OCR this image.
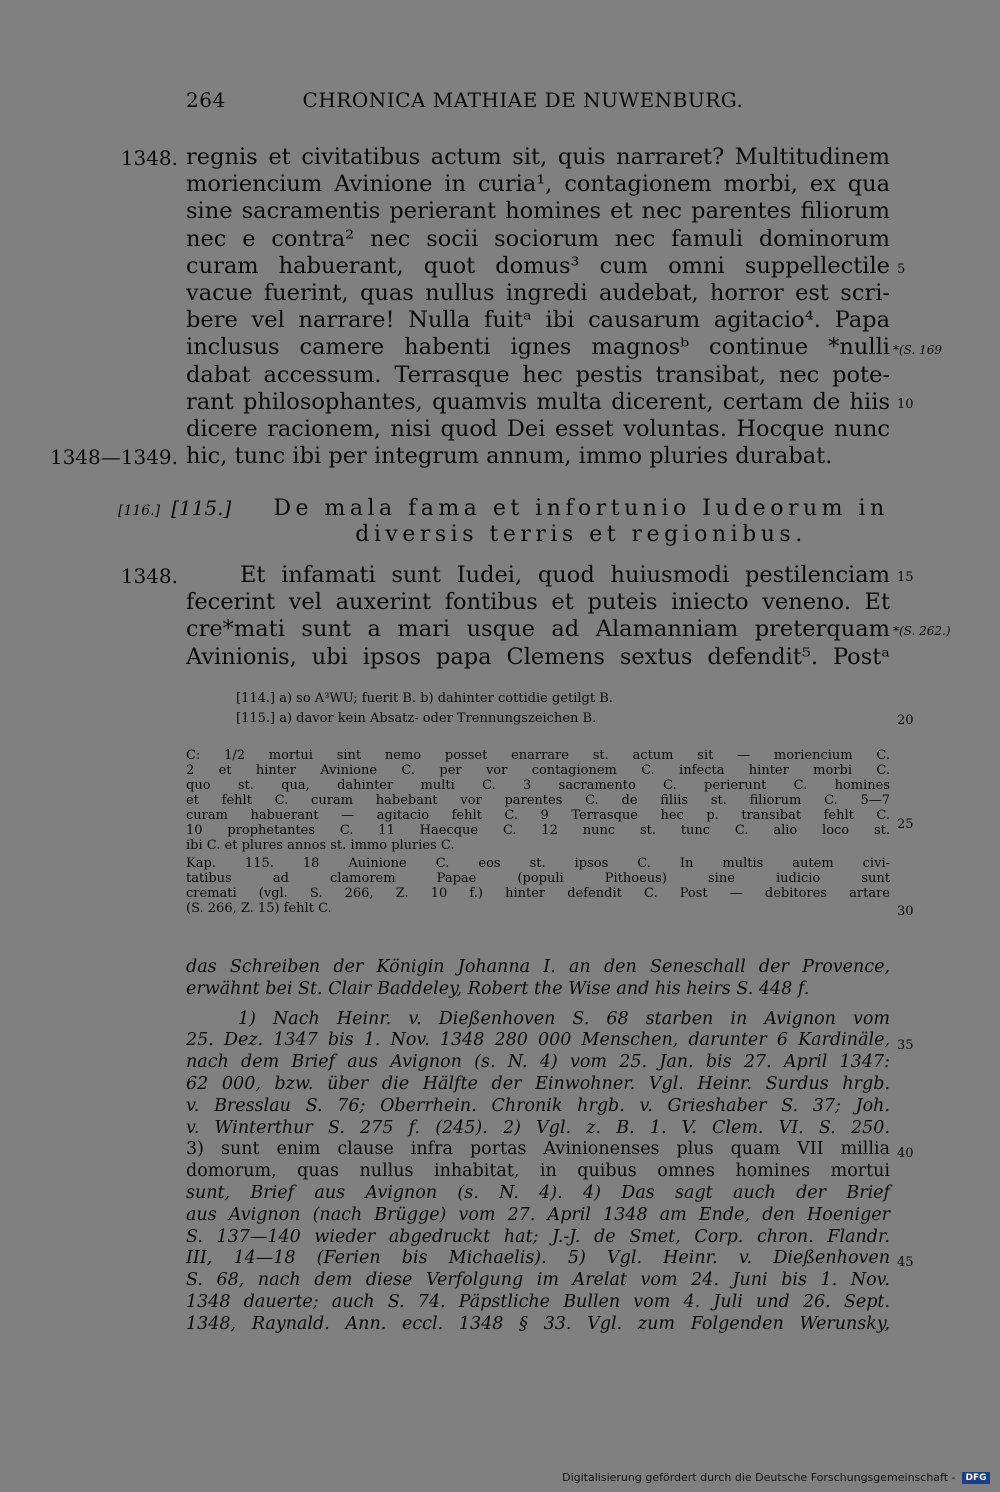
264	CHRONICA MATHIAE DE NUWENBURG.
1348.
1348—1349.
regnis et civitatibus actum sit, quis narraret? Multitudinem
moriencium Avinione in curia¹, contagionem morbi, ex qua
sine sacramentis perierant homines et nec parentes filiorum
nec e contra² nec socii sociorum nec famuli dominorum
curam habuerant, quot domus³ cum omni suppellectile
vacue fuerint, quas nullus ingredi audebat, horror est scri-
bere vel narrare! Nulla fuitᵃ ibi causarum agitacio⁴. Papa
inclusus camere habenti ignes magnosᵇ continue *nulli
dabat accessum. Terrasque hec pestis transibat, nec pote-
rant philosophantes, quamvis multa dicerent, certam de hiis
dicere racionem, nisi quod Dei esset voluntas. Hocque nunc
hic, tunc ibi per integrum annum, immo pluries durabat.
5
*(S. 169
10
[116.] [115.] De mala fama et infortunio Iudeorum in
diversis terris et regionibus.
1348.	Et infamati sunt Iudei, quod huiusmodi pestilenciam
fecerint vel auxerint fontibus et puteis iniecto veneno. Et
cre*mati sunt a mari usque ad Alamanniam preterquam
Avinionis, ubi ipsos papa Clemens sextus defendit⁵. Postᵃ
15
*(S. 262.)
[114.] a) so A³WU; fuerit B. b) dahinter cottidie getilgt B.
[115.] a) davor kein Absatz- oder Trennungszeichen B.	20
C: 1/2 mortui sint nemo posset enarrare st. actum sit — moriencium C.
2 et hinter Avinione C. per vor contagionem C. infecta hinter morbi C.
quo st. qua, dahinter multi C. 3 sacramento C. perierunt C. homines
et fehlt C. curam habebant vor parentes C. de filiis st. filiorum C. 5—7
curam habuerant — agitacio fehlt C. 9 Terrasque hec p. transibat fehlt C.
10 prophetantes C. 11 Haecque C. 12 nunc st. tunc C. alio loco st.
ibi C. et plures annos st. immo pluries C.
Kap. 115. 18 Auinione C. eos st. ipsos C. In multis autem civi-
tatibus ad clamorem Papae (populi Pithoeus) sine iudicio sunt
cremati (vgl. S. 266, Z. 10 f.) hinter defendit C. Post — debitores artare
(S. 266, Z. 15) fehlt C.
25
30
das Schreiben der Königin Johanna I. an den Seneschall der Provence,
erwähnt bei St. Clair Baddeley, Robert the Wise and his heirs S. 448 f.
1) Nach Heinr. v. Dießenhoven S. 68 starben in Avignon vom
25. Dez. 1347 bis 1. Nov. 1348 280 000 Menschen, darunter 6 Kardinäle,
nach dem Brief aus Avignon (s. N. 4) vom 25. Jan. bis 27. April 1347:
62 000, bzw. über die Hälfte der Einwohner. Vgl. Heinr. Surdus hrgb.
v. Bresslau S. 76; Oberrhein. Chronik hrgb. v. Grieshaber S. 37; Joh.
v. Winterthur S. 275 f. (245). 2) Vgl. z. B. 1. V. Clem. VI. S. 250.
3) sunt enim clause infra portas Avinionenses plus quam VII millia
domorum, quas nullus inhabitat, in quibus omnes homines mortui
sunt, Brief aus Avignon (s. N. 4). 4) Das sagt auch der Brief
aus Avignon (nach Brügge) vom 27. April 1348 am Ende, den Hoeniger
S. 137—140 wieder abgedruckt hat; J.-J. de Smet, Corp. chron. Flandr.
III, 14—18 (Ferien bis Michaelis). 5) Vgl. Heinr. v. Dießenhoven
S. 68, nach dem diese Verfolgung im Arelat vom 24. Juni bis 1. Nov.
1348 dauerte; auch S. 74. Päpstliche Bullen vom 4. Juli und 26. Sept.
1348, Raynald. Ann. eccl. 1348 § 33. Vgl. zum Folgenden Werunsky,
35
40
45
Digitalisierung gefördert durch die Deutsche Forschungsgemeinschaft - DFG
